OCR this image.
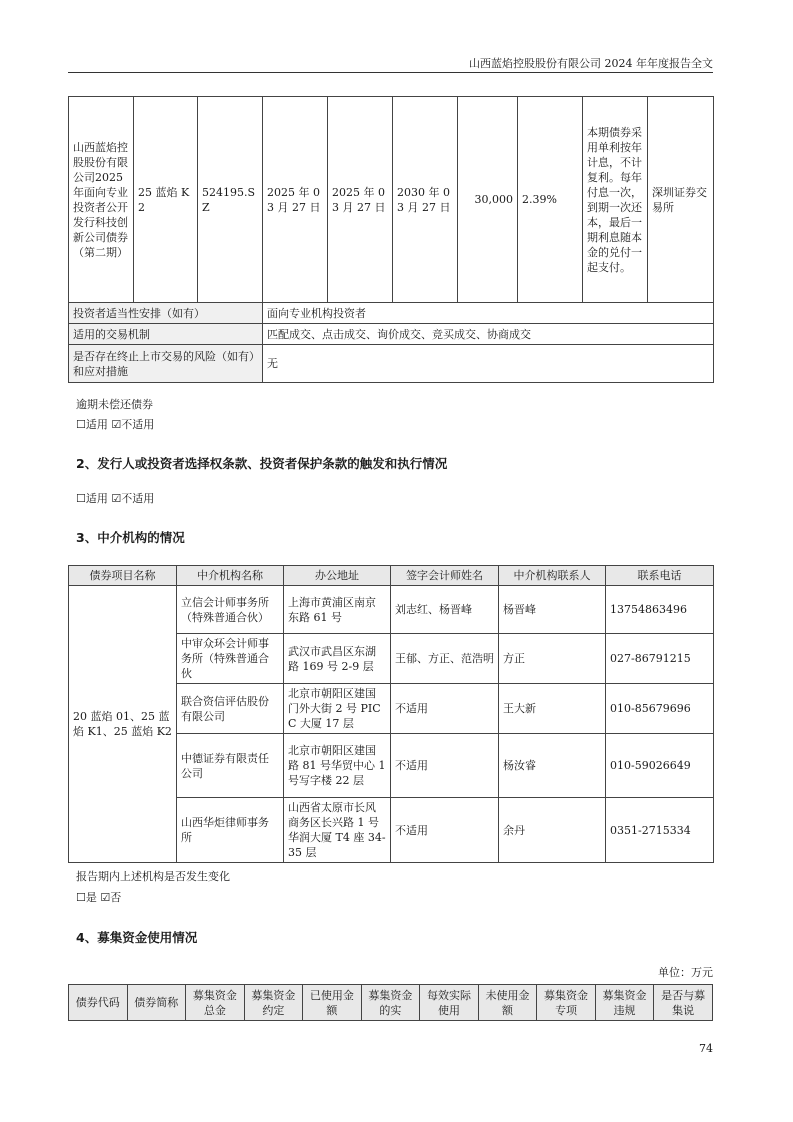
山西蓝焰控股股份有限公司 2024 年年度报告全文
山西蓝焰控股股份有限公司2025年面向专业投资者公开发行科技创新公司债券（第二期）	25 蓝焰 K2	524195.SZ	2025 年 03 月 27 日	2025 年 03 月 27 日	2030 年 03 月 27 日	30,000	2.39%	本期债券采用单利按年计息，不计复利。每年付息一次，到期一次还本，最后一期利息随本金的兑付一起支付。	深圳证券交易所
投资者适当性安排（如有）			面向专业机构投资者						
适用的交易机制			匹配成交、点击成交、询价成交、竞买成交、协商成交						
是否存在终止上市交易的风险（如有）和应对措施			无						
逾期未偿还债券
☐适用 ☑不适用
2、发行人或投资者选择权条款、投资者保护条款的触发和执行情况
☐适用 ☑不适用
3、中介机构的情况
债券项目名称	中介机构名称	办公地址	签字会计师姓名	中介机构联系人	联系电话
20 蓝焰 01、25 蓝焰 K1、25 蓝焰 K2	立信会计师事务所（特殊普通合伙）	上海市黄浦区南京东路 61 号	刘志红、杨晋峰	杨晋峰	13754863496
	中审众环会计师事务所（特殊普通合伙	武汉市武昌区东湖路 169 号 2-9 层	王郁、方正、范浩明	方正	027-86791215
	联合资信评估股份有限公司	北京市朝阳区建国门外大街 2 号 PICC 大厦 17 层	不适用	王大新	010-85679696
	中德证券有限责任公司	北京市朝阳区建国路 81 号华贸中心 1 号写字楼 22 层	不适用	杨汝睿	010-59026649
	山西华炬律师事务所	山西省太原市长风商务区长兴路 1 号华润大厦 T4 座 34-35 层	不适用	余丹	0351-2715334
报告期内上述机构是否发生变化
☐是 ☑否
4、募集资金使用情况
单位：万元
债券代码	债券简称	募集资金总金	募集资金约定	已使用金额	募集资金的实	每效实际使用	未使用金额	募集资金专项	募集资金违规	是否与募集说
74
